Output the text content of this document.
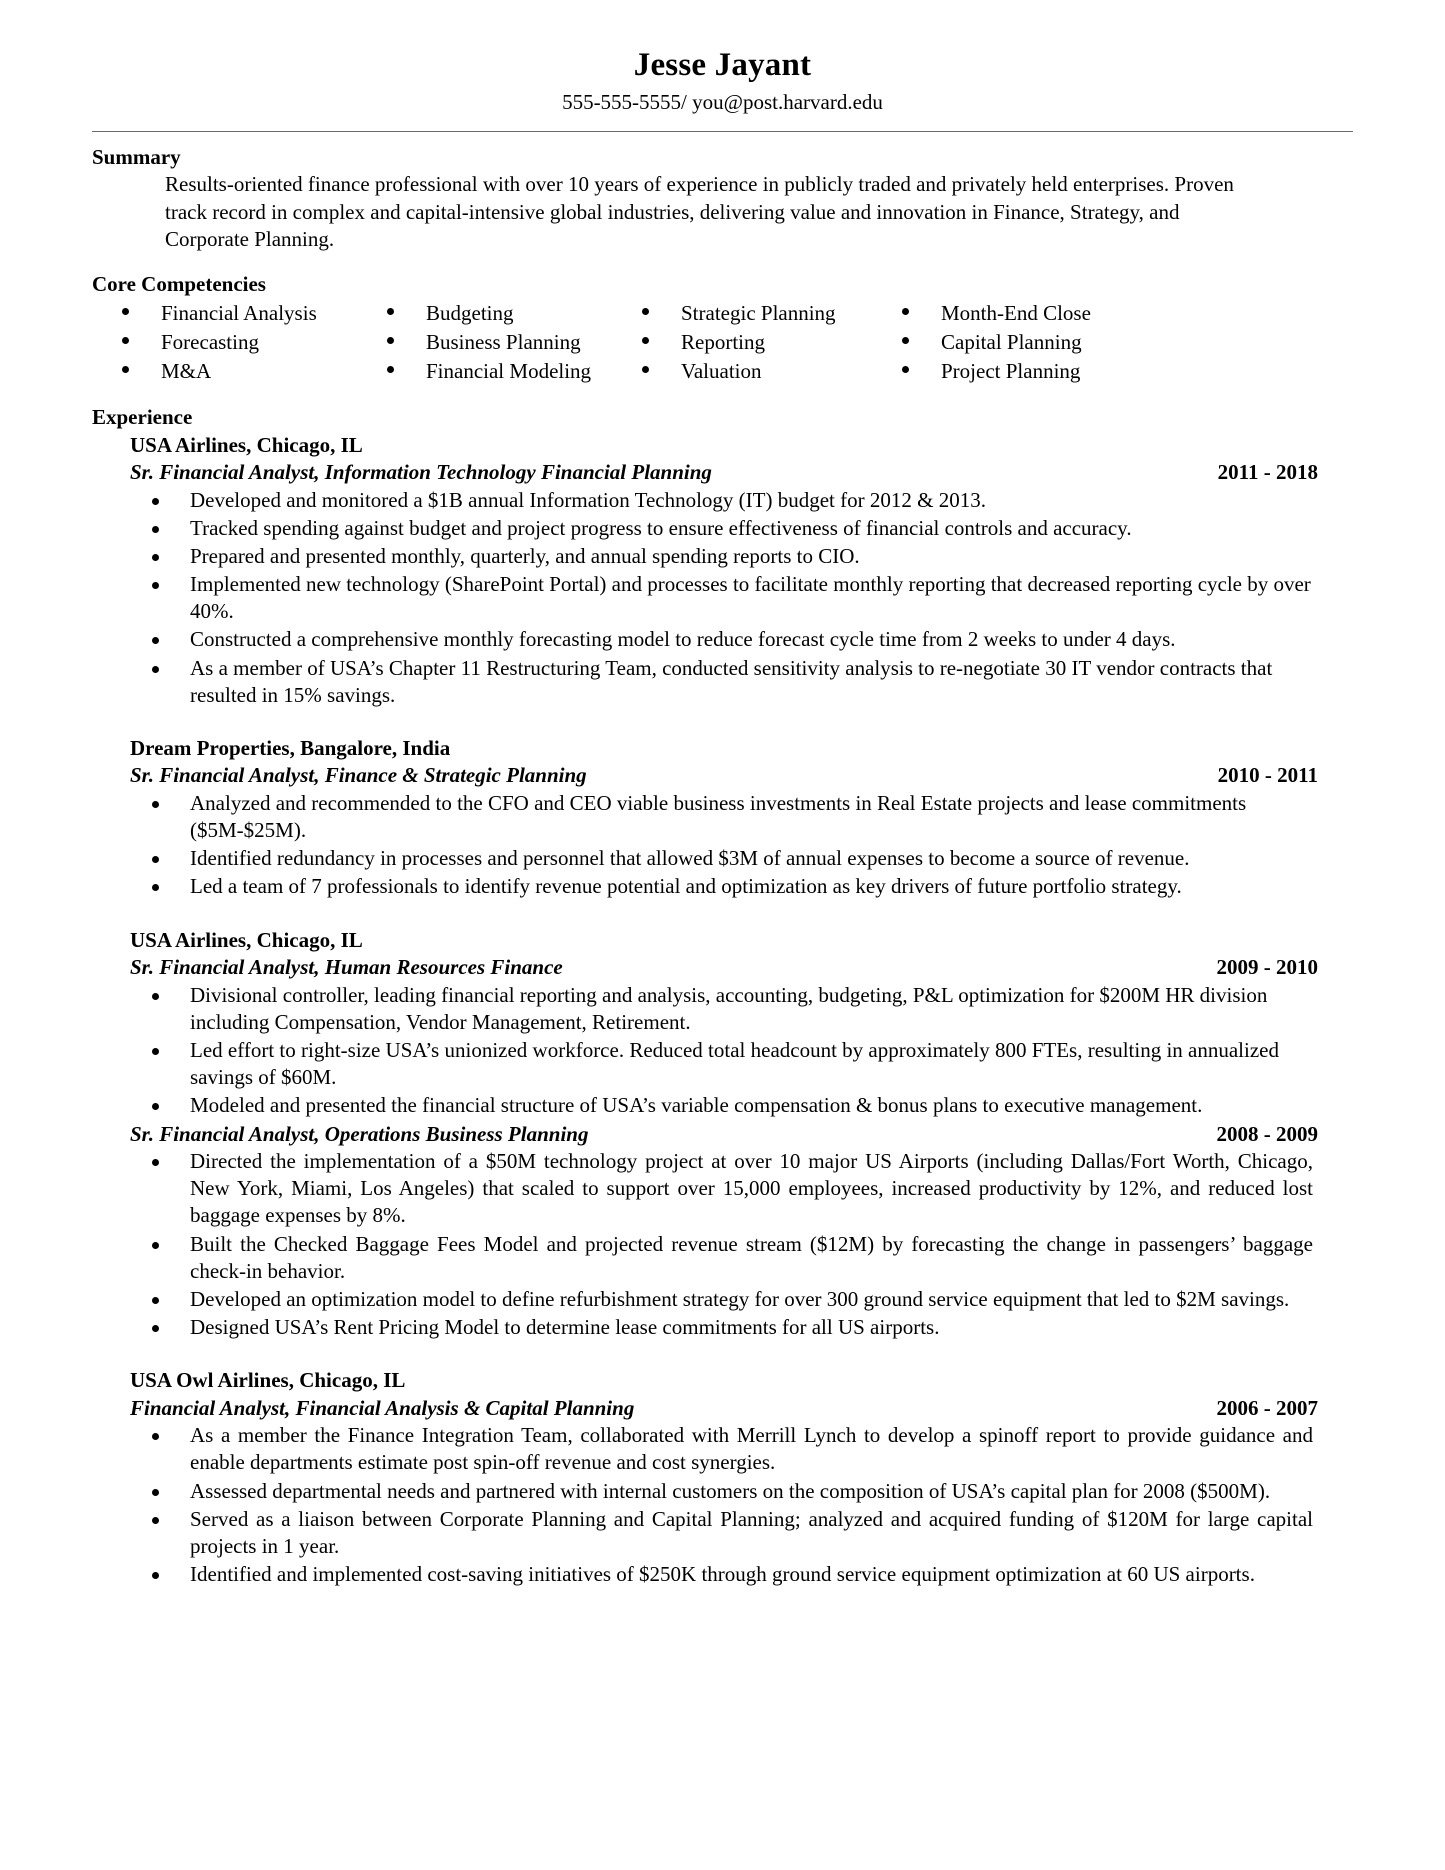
Jesse Jayant

555-555-5555/ you@post.harvard.edu

Summary

Results-oriented finance professional with over 10 years of experience in publicly traded and privately held enterprises. Proven track record in complex and capital-intensive global industries, delivering value and innovation in Finance, Strategy, and Corporate Planning.

Core Competencies
Financial Analysis	Budgeting	Strategic Planning	Month-End Close
Forecasting	Business Planning	Reporting	Capital Planning
M&A	Financial Modeling	Valuation	Project Planning
Experience
USA Airlines, Chicago, IL
Sr. Financial Analyst, Information Technology Financial Planning	2011 - 2018
Developed and monitored a $1B annual Information Technology (IT) budget for 2012 & 2013.
Tracked spending against budget and project progress to ensure effectiveness of financial controls and accuracy.
Prepared and presented monthly, quarterly, and annual spending reports to CIO.
Implemented new technology (SharePoint Portal) and processes to facilitate monthly reporting that decreased reporting cycle by over 40%.
Constructed a comprehensive monthly forecasting model to reduce forecast cycle time from 2 weeks to under 4 days.
As a member of USA’s Chapter 11 Restructuring Team, conducted sensitivity analysis to re-negotiate 30 IT vendor contracts that resulted in 15% savings.
Dream Properties, Bangalore, India
Sr. Financial Analyst, Finance & Strategic Planning	2010 - 2011
Analyzed and recommended to the CFO and CEO viable business investments in Real Estate projects and lease commitments ($5M-$25M).
Identified redundancy in processes and personnel that allowed $3M of annual expenses to become a source of revenue.
Led a team of 7 professionals to identify revenue potential and optimization as key drivers of future portfolio strategy.
USA Airlines, Chicago, IL
Sr. Financial Analyst, Human Resources Finance	2009 - 2010
Divisional controller, leading financial reporting and analysis, accounting, budgeting, P&L optimization for $200M HR division including Compensation, Vendor Management, Retirement.
Led effort to right-size USA’s unionized workforce. Reduced total headcount by approximately 800 FTEs, resulting in annualized savings of $60M.
Modeled and presented the financial structure of USA’s variable compensation & bonus plans to executive management.
Sr. Financial Analyst, Operations Business Planning	2008 - 2009
Directed the implementation of a $50M technology project at over 10 major US Airports (including Dallas/Fort Worth, Chicago, New York, Miami, Los Angeles) that scaled to support over 15,000 employees, increased productivity by 12%, and reduced lost baggage expenses by 8%.
Built the Checked Baggage Fees Model and projected revenue stream ($12M) by forecasting the change in passengers’ baggage check-in behavior.
Developed an optimization model to define refurbishment strategy for over 300 ground service equipment that led to $2M savings.
Designed USA’s Rent Pricing Model to determine lease commitments for all US airports.
USA Owl Airlines, Chicago, IL
Financial Analyst, Financial Analysis & Capital Planning	2006 - 2007
As a member the Finance Integration Team, collaborated with Merrill Lynch to develop a spinoff report to provide guidance and enable departments estimate post spin-off revenue and cost synergies.
Assessed departmental needs and partnered with internal customers on the composition of USA’s capital plan for 2008 ($500M).
Served as a liaison between Corporate Planning and Capital Planning; analyzed and acquired funding of $120M for large capital projects in 1 year.
Identified and implemented cost-saving initiatives of $250K through ground service equipment optimization at 60 US airports.
